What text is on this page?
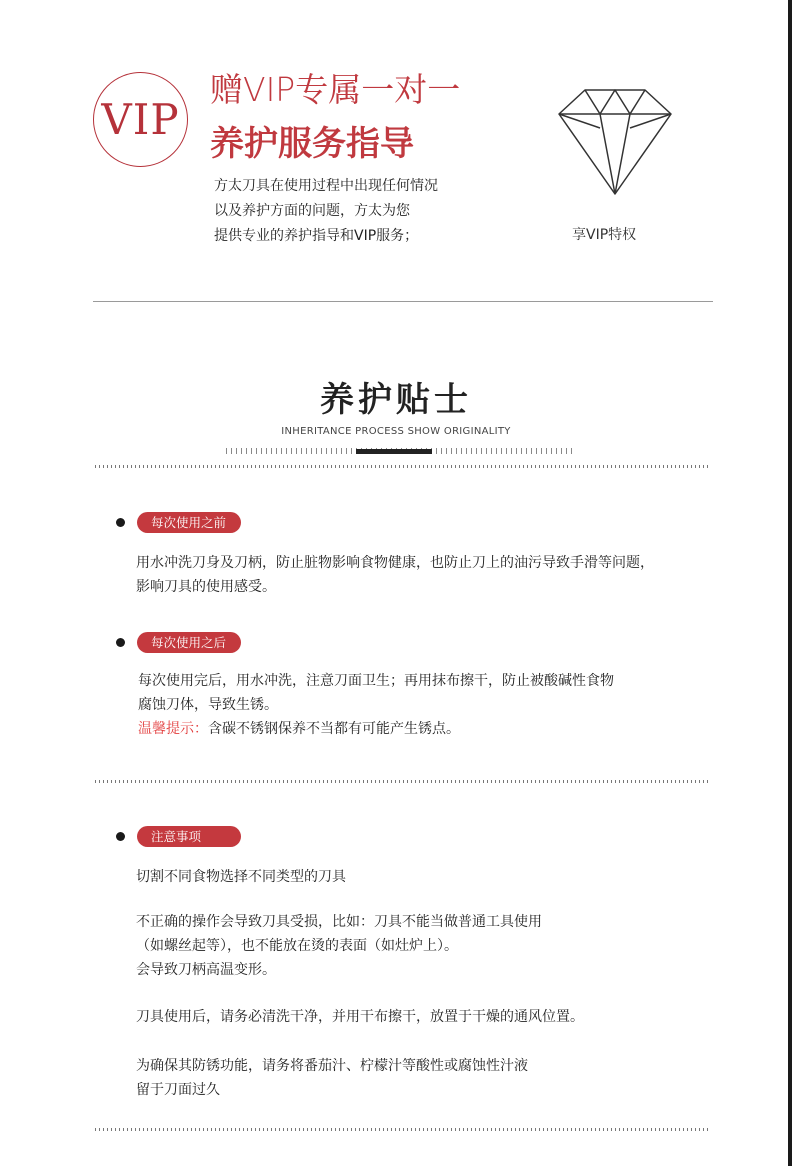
VIP
赠VIP专属一对一
养护服务指导
方太刀具在使用过程中出现任何情况
以及养护方面的问题，方太为您
提供专业的养护指导和VIP服务；	享VIP特权
养护贴士
INHERITANCE PROCESS SHOW ORIGINALITY
每次使用之前
用水冲洗刀身及刀柄，防止脏物影响食物健康，也防止刀上的油污导致手滑等问题，
影响刀具的使用感受。
每次使用之后
每次使用完后，用水冲洗，注意刀面卫生；再用抹布擦干，防止被酸碱性食物
腐蚀刀体，导致生锈。
温馨提示：含碳不锈钢保养不当都有可能产生锈点。
注意事项
切割不同食物选择不同类型的刀具
不正确的操作会导致刀具受损，比如：刀具不能当做普通工具使用
（如螺丝起等），也不能放在烫的表面（如灶炉上）。
会导致刀柄高温变形。
刀具使用后，请务必清洗干净，并用干布擦干，放置于干燥的通风位置。
为确保其防锈功能，请务将番茄汁、柠檬汁等酸性或腐蚀性汁液
留于刀面过久
